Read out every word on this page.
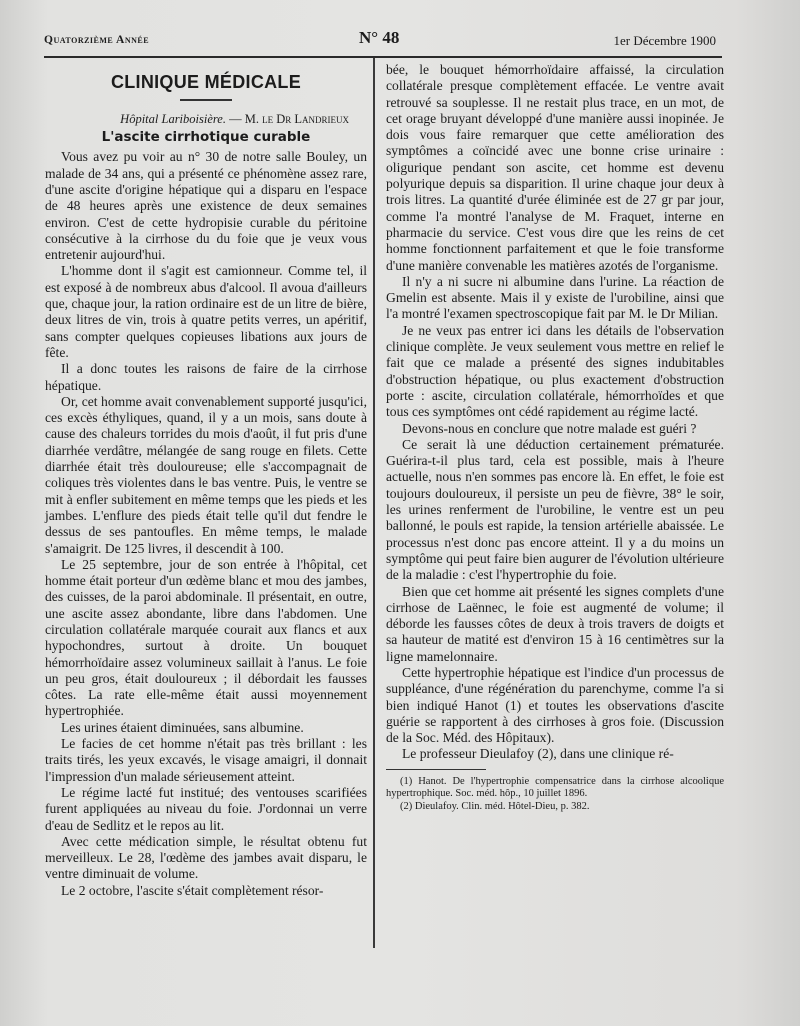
Quatorzième Année	N° 48	1er Décembre 1900
CLINIQUE MÉDICALE
Hôpital Lariboisière. — M. le Dr Landrieux
L'ascite cirrhotique curable

Vous avez pu voir au n° 30 de notre salle Bouley, un malade de 34 ans, qui a présenté ce phénomène assez rare, d'une ascite d'origine hépatique qui a disparu en l'espace de 48 heures après une existence de deux semaines environ. C'est de cette hydropisie curable du péritoine consécutive à la cirrhose du du foie que je veux vous entretenir aujourd'hui.

L'homme dont il s'agit est camionneur. Comme tel, il est exposé à de nombreux abus d'alcool. Il avoua d'ailleurs que, chaque jour, la ration ordinaire est de un litre de bière, deux litres de vin, trois à quatre petits verres, un apéritif, sans compter quelques copieuses libations aux jours de fête.

Il a donc toutes les raisons de faire de la cirrhose hépatique.

Or, cet homme avait convenablement supporté jusqu'ici, ces excès éthyliques, quand, il y a un mois, sans doute à cause des chaleurs torrides du mois d'août, il fut pris d'une diarrhée verdâtre, mélangée de sang rouge en filets. Cette diarrhée était très douloureuse; elle s'accompagnait de coliques très violentes dans le bas ventre. Puis, le ventre se mit à enfler subitement en même temps que les pieds et les jambes. L'enflure des pieds était telle qu'il dut fendre le dessus de ses pantoufles. En même temps, le malade s'amaigrit. De 125 livres, il descendit à 100.

Le 25 septembre, jour de son entrée à l'hôpital, cet homme était porteur d'un œdème blanc et mou des jambes, des cuisses, de la paroi abdominale. Il présentait, en outre, une ascite assez abondante, libre dans l'abdomen. Une circulation collatérale marquée courait aux flancs et aux hypochondres, surtout à droite. Un bouquet hémorrhoïdaire assez volumineux saillait à l'anus. Le foie un peu gros, était douloureux ; il débordait les fausses côtes. La rate elle-même était aussi moyennement hypertrophiée.

Les urines étaient diminuées, sans albumine.

Le facies de cet homme n'était pas très brillant : les traits tirés, les yeux excavés, le visage amaigri, il donnait l'impression d'un malade sérieusement atteint.

Le régime lacté fut institué; des ventouses scarifiées furent appliquées au niveau du foie. J'ordonnai un verre d'eau de Sedlitz et le repos au lit.

Avec cette médication simple, le résultat obtenu fut merveilleux. Le 28, l'œdème des jambes avait disparu, le ventre diminuait de volume.

Le 2 octobre, l'ascite s'était complètement résor-

bée, le bouquet hémorrhoïdaire affaissé, la circulation collatérale presque complètement effacée. Le ventre avait retrouvé sa souplesse. Il ne restait plus trace, en un mot, de cet orage bruyant développé d'une manière aussi inopinée. Je dois vous faire remarquer que cette amélioration des symptômes a coïncidé avec une bonne crise urinaire : oligurique pendant son ascite, cet homme est devenu polyurique depuis sa disparition. Il urine chaque jour deux à trois litres. La quantité d'urée éliminée est de 27 gr par jour, comme l'a montré l'analyse de M. Fraquet, interne en pharmacie du service. C'est vous dire que les reins de cet homme fonctionnent parfaitement et que le foie transforme d'une manière convenable les matières azotés de l'organisme.

Il n'y a ni sucre ni albumine dans l'urine. La réaction de Gmelin est absente. Mais il y existe de l'urobiline, ainsi que l'a montré l'examen spectroscopique fait par M. le Dr Milian.

Je ne veux pas entrer ici dans les détails de l'observation clinique complète. Je veux seulement vous mettre en relief le fait que ce malade a présenté des signes indubitables d'obstruction hépatique, ou plus exactement d'obstruction porte : ascite, circulation collatérale, hémorrhoïdes et que tous ces symptômes ont cédé rapidement au régime lacté.

Devons-nous en conclure que notre malade est guéri ?

Ce serait là une déduction certainement prématurée. Guérira-t-il plus tard, cela est possible, mais à l'heure actuelle, nous n'en sommes pas encore là. En effet, le foie est toujours douloureux, il persiste un peu de fièvre, 38° le soir, les urines renferment de l'urobiline, le ventre est un peu ballonné, le pouls est rapide, la tension artérielle abaissée. Le processus n'est donc pas encore atteint. Il y a du moins un symptôme qui peut faire bien augurer de l'évolution ultérieure de la maladie : c'est l'hypertrophie du foie.

Bien que cet homme ait présenté les signes complets d'une cirrhose de Laënnec, le foie est augmenté de volume; il déborde les fausses côtes de deux à trois travers de doigts et sa hauteur de matité est d'environ 15 à 16 centimètres sur la ligne mamelonnaire.

Cette hypertrophie hépatique est l'indice d'un processus de suppléance, d'une régénération du parenchyme, comme l'a si bien indiqué Hanot (1) et toutes les observations d'ascite guérie se rapportent à des cirrhoses à gros foie. (Discussion de la Soc. Méd. des Hôpitaux).

Le professeur Dieulafoy (2), dans une clinique ré-

(1) Hanot. De l'hypertrophie compensatrice dans la cirrhose alcoolique hypertrophique. Soc. méd. hôp., 10 juillet 1896.

(2) Dieulafoy. Clin. méd. Hôtel-Dieu, p. 382.
